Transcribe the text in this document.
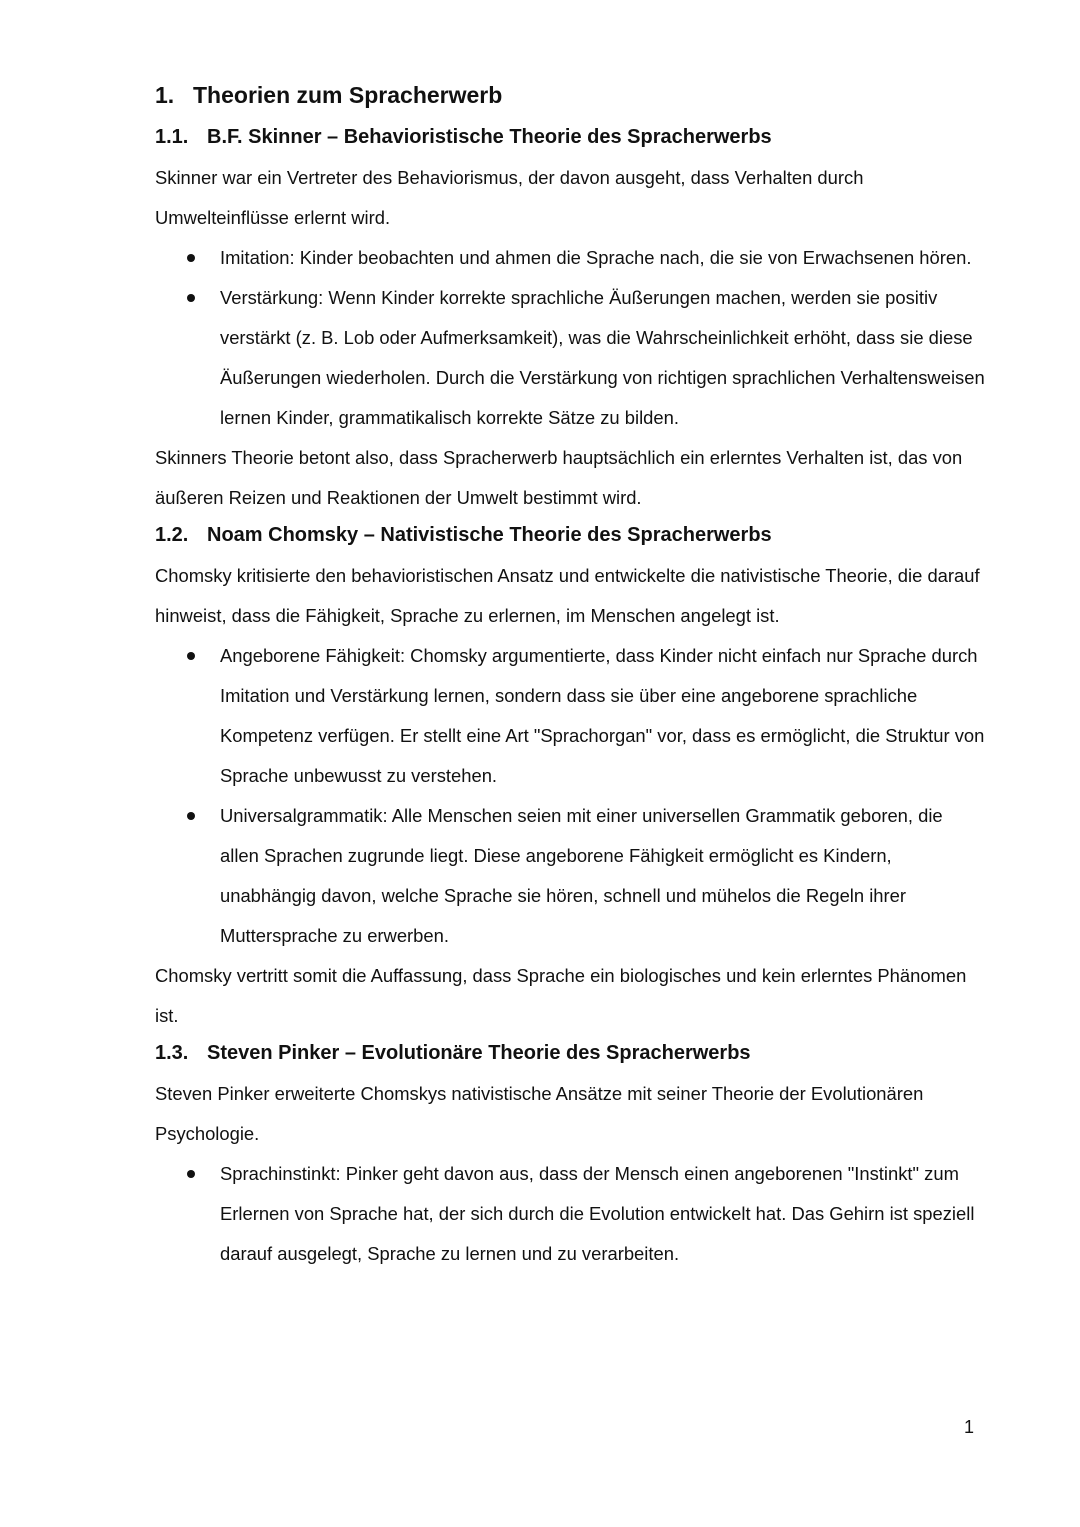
1. Theorien zum Spracherwerb
1.1. B.F. Skinner – Behavioristische Theorie des Spracherwerbs

Skinner war ein Vertreter des Behaviorismus, der davon ausgeht, dass Verhalten durch Umwelteinflüsse erlernt wird.

Imitation: Kinder beobachten und ahmen die Sprache nach, die sie von Erwachsenen hören.
Verstärkung: Wenn Kinder korrekte sprachliche Äußerungen machen, werden sie positiv verstärkt (z. B. Lob oder Aufmerksamkeit), was die Wahrscheinlichkeit erhöht, dass sie diese Äußerungen wiederholen. Durch die Verstärkung von richtigen sprachlichen Verhaltensweisen lernen Kinder, grammatikalisch korrekte Sätze zu bilden.

Skinners Theorie betont also, dass Spracherwerb hauptsächlich ein erlerntes Verhalten ist, das von äußeren Reizen und Reaktionen der Umwelt bestimmt wird.

1.2. Noam Chomsky – Nativistische Theorie des Spracherwerbs

Chomsky kritisierte den behavioristischen Ansatz und entwickelte die nativistische Theorie, die darauf hinweist, dass die Fähigkeit, Sprache zu erlernen, im Menschen angelegt ist.

Angeborene Fähigkeit: Chomsky argumentierte, dass Kinder nicht einfach nur Sprache durch Imitation und Verstärkung lernen, sondern dass sie über eine angeborene sprachliche Kompetenz verfügen. Er stellt eine Art "Sprachorgan" vor, dass es ermöglicht, die Struktur von Sprache unbewusst zu verstehen.
Universalgrammatik: Alle Menschen seien mit einer universellen Grammatik geboren, die allen Sprachen zugrunde liegt. Diese angeborene Fähigkeit ermöglicht es Kindern, unabhängig davon, welche Sprache sie hören, schnell und mühelos die Regeln ihrer Muttersprache zu erwerben.

Chomsky vertritt somit die Auffassung, dass Sprache ein biologisches und kein erlerntes Phänomen ist.

1.3. Steven Pinker – Evolutionäre Theorie des Spracherwerbs

Steven Pinker erweiterte Chomskys nativistische Ansätze mit seiner Theorie der Evolutionären Psychologie.

Sprachinstinkt: Pinker geht davon aus, dass der Mensch einen angeborenen "Instinkt" zum Erlernen von Sprache hat, der sich durch die Evolution entwickelt hat. Das Gehirn ist speziell darauf ausgelegt, Sprache zu lernen und zu verarbeiten.
1
